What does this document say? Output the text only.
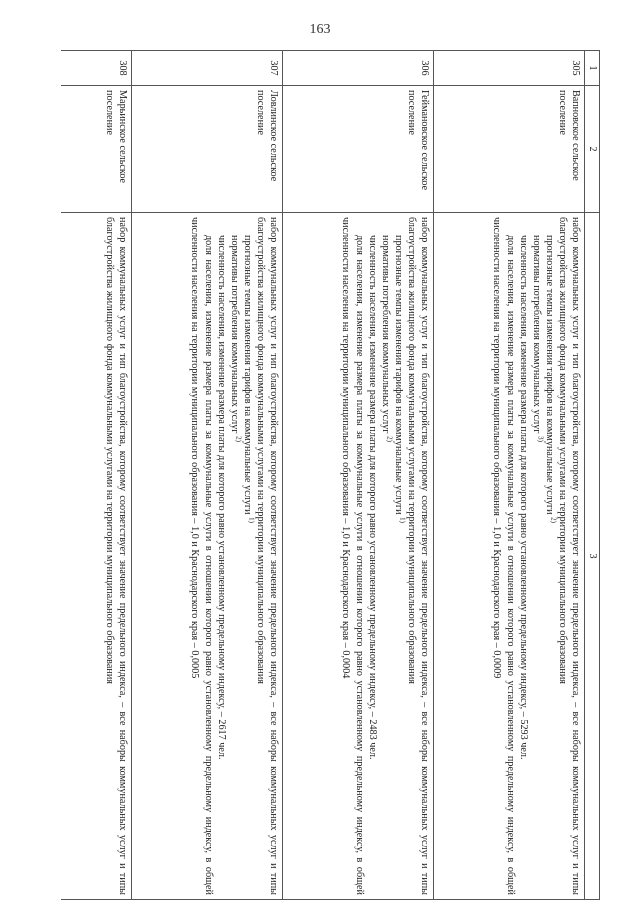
163
1	2	3
305	Вапновское сельское поселение	набор коммунальных услуг и тип благоустройства, которому соответствует значение предельного индекса, – все наборы коммунальных услуг и типы благоустройства жилищного фонда коммунальными услугами на территории муниципального образования

прогнозные темпы изменения тарифов на коммунальные услуги $^{2)}$

нормативы потребления коммунальных услуг $^{3)}$

численность населения, изменение размера платы для которого равно установленному предельному индексу, – 5293 чел.

доля населения, изменение размера платы за коммунальные услуги в отношении которого равно установленному предельному индексу, в общей численности населения на территории муниципального образования – 1,0 и Краснодарского края – 0,0009

306	Геймановское сельское поселение	набор коммунальных услуг и тип благоустройства, которому соответствует значение предельного индекса, – все наборы коммунальных услуг и типы благоустройства жилищного фонда коммунальными услугами на территории муниципального образования

прогнозные темпы изменения тарифов на коммунальные услуги $^{1)}$

нормативы потребления коммунальных услуг $^{2)}$

численность населения, изменение размера платы для которого равно установленному предельному индексу, – 2483 чел.

доля населения, изменение размера платы за коммунальные услуги в отношении которого равно установленному предельному индексу, в общей численности населения на территории муниципального образования – 1,0 и Краснодарского края – 0,0004

307	Ловлинское сельское поселение	набор коммунальных услуг и тип благоустройства, которому соответствует значение предельного индекса, – все наборы коммунальных услуг и типы благоустройства жилищного фонда коммунальными услугами на территории муниципального образования

прогнозные темпы изменения тарифов на коммунальные услуги $^{1)}$

нормативы потребления коммунальных услуг $^{2)}$

численность населения, изменение размера платы для которого равно установленному предельному индексу, – 2617 чел.

доля населения, изменение размера платы за коммунальные услуги в отношении которого равно установленному предельному индексу, в общей численности населения на территории муниципального образования – 1,0 и Краснодарского края – 0,0005

308	Марьинское сельское поселение	набор коммунальных услуг и тип благоустройства, которому соответствует значение предельного индекса, – все наборы коммунальных услуг и типы благоустройства жилищного фонда коммунальными услугами на территории муниципального образования
